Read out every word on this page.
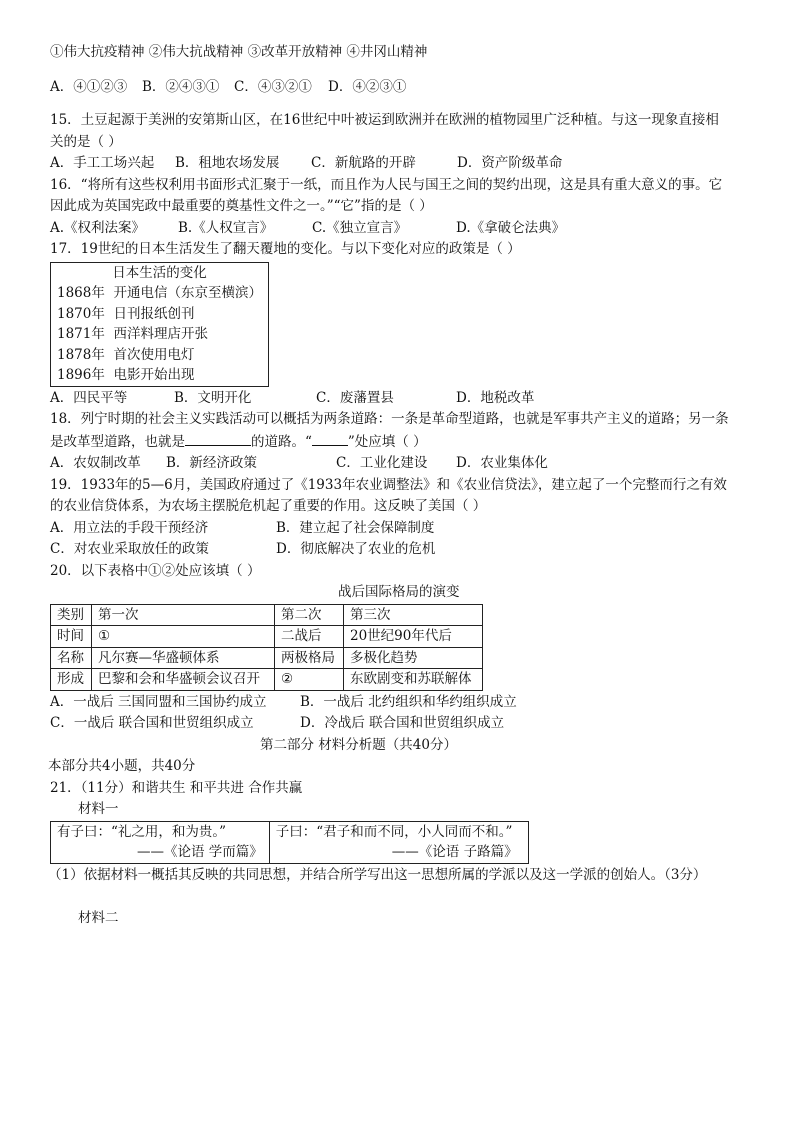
①伟大抗疫精神 ②伟大抗战精神 ③改革开放精神 ④井冈山精神
A．④①②③	B．②④③①	C．④③②①	D．④②③①
15．土豆起源于美洲的安第斯山区，在16世纪中叶被运到欧洲并在欧洲的植物园里广泛种植。与这一现象直接相
关的是（ ）
A．手工工场兴起	B．租地农场发展	C．新航路的开辟	D．资产阶级革命
16．“将所有这些权利用书面形式汇聚于一纸，而且作为人民与国王之间的契约出现，这是具有重大意义的事。它
因此成为英国宪政中最重要的奠基性文件之一。”“它”指的是（ ）
A.《权利法案》	B.《人权宣言》	C.《独立宣言》	D.《拿破仑法典》
17．19世纪的日本生活发生了翻天覆地的变化。与以下变化对应的政策是（ ）
日本生活的变化

1868年 开通电信（东京至横滨）
1870年 日刊报纸创刊
1871年 西洋料理店开张
1878年 首次使用电灯
1896年 电影开始出现
A．四民平等	B．文明开化	C．废藩置县	D．地税改革
18．列宁时期的社会主义实践活动可以概括为两条道路：一条是革命型道路，也就是军事共产主义的道路；另一条
是改革型道路，也就是	的道路。“	”处应填（ ）
A．农奴制改革	B．新经济政策	C．工业化建设	D．农业集体化
19．1933年的5—6月，美国政府通过了《1933年农业调整法》和《农业信贷法》，建立起了一个完整而行之有效
的农业信贷体系，为农场主摆脱危机起了重要的作用。这反映了美国（ ）
A．用立法的手段干预经济	B．建立起了社会保障制度
C．对农业采取放任的政策	D．彻底解决了农业的危机
20．以下表格中①②处应该填（ ）
战后国际格局的演变
类别	第一次	第二次	第三次
时间	①	二战后	20世纪90年代后
名称	凡尔赛—华盛顿体系	两极格局	多极化趋势
形成	巴黎和会和华盛顿会议召开	②	东欧剧变和苏联解体
A．一战后 三国同盟和三国协约成立	B．一战后 北约组织和华约组织成立
C．一战后 联合国和世贸组织成立	D．冷战后 联合国和世贸组织成立
第二部分 材料分析题（共40分）
本部分共4小题，共40分
21．（11分）和谐共生 和平共进 合作共赢
材料一
有子曰：“礼之用，和为贵。”
——《论语 学而篇》

子曰：“君子和而不同，小人同而不和。”
——《论语 子路篇》
（1）依据材料一概括其反映的共同思想，并结合所学写出这一思想所属的学派以及这一学派的创始人。（3分）
材料二
